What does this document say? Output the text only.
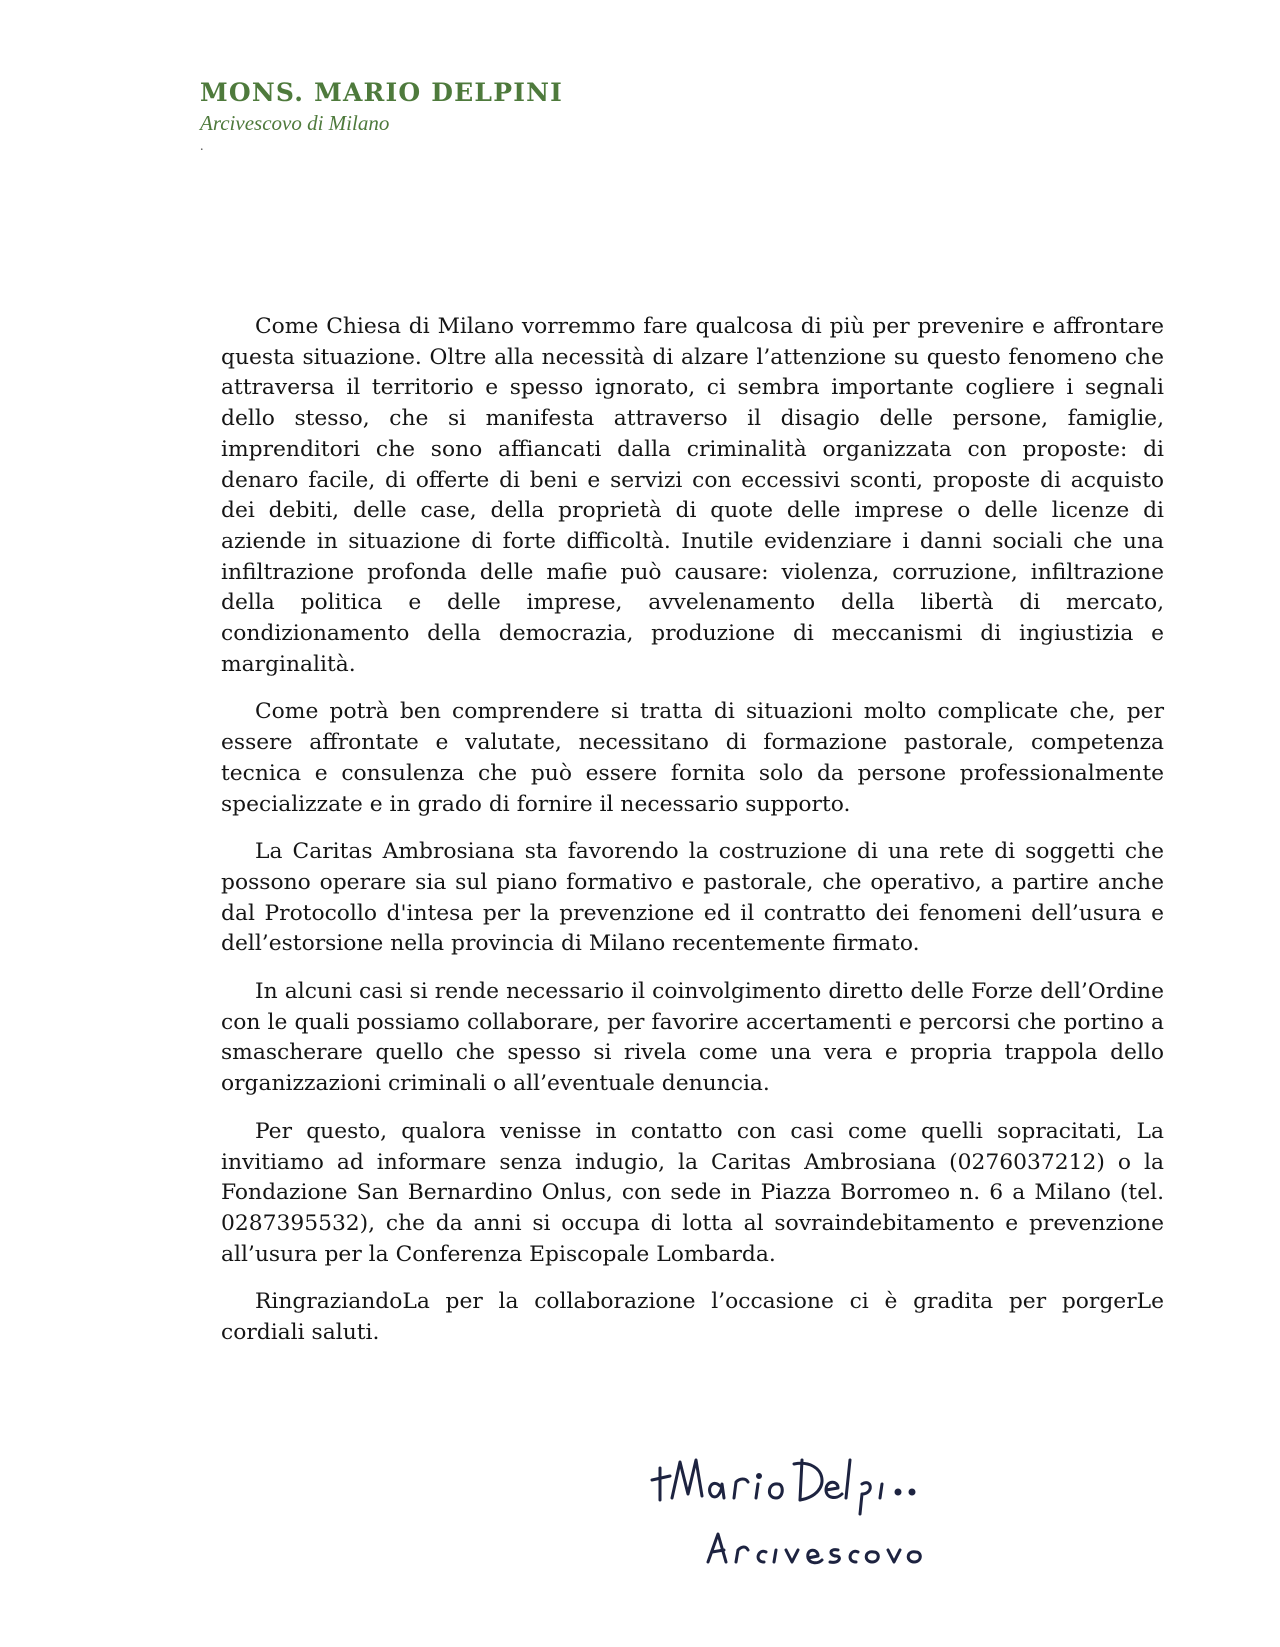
MONS. MARIO DELPINI
Arcivescovo di Milano
.

Come Chiesa di Milano vorremmo fare qualcosa di più per prevenire e affrontare questa situazione. Oltre alla necessità di alzare l’attenzione su questo fenomeno che attraversa il territorio e spesso ignorato, ci sembra importante cogliere i segnali dello stesso, che si manifesta attraverso il disagio delle persone, famiglie, imprenditori che sono affiancati dalla criminalità organizzata con proposte: di denaro facile, di offerte di beni e servizi con eccessivi sconti, proposte di acquisto dei debiti, delle case, della proprietà di quote delle imprese o delle licenze di aziende in situazione di forte difficoltà. Inutile evidenziare i danni sociali che una infiltrazione profonda delle mafie può causare: violenza, corruzione, infiltrazione della politica e delle imprese, avvelenamento della libertà di mercato, condizionamento della democrazia, produzione di meccanismi di ingiustizia e marginalità.

Come potrà ben comprendere si tratta di situazioni molto complicate che, per essere affrontate e valutate, necessitano di formazione pastorale, competenza tecnica e consulenza che può essere fornita solo da persone professionalmente specializzate e in grado di fornire il necessario supporto.

La Caritas Ambrosiana sta favorendo la costruzione di una rete di soggetti che possono operare sia sul piano formativo e pastorale, che operativo, a partire anche dal Protocollo d'intesa per la prevenzione ed il contratto dei fenomeni dell’usura e dell’estorsione nella provincia di Milano recentemente firmato.

In alcuni casi si rende necessario il coinvolgimento diretto delle Forze dell’Ordine con le quali possiamo collaborare, per favorire accertamenti e percorsi che portino a smascherare quello che spesso si rivela come una vera e propria trappola dello organizzazioni criminali o all’eventuale denuncia.

Per questo, qualora venisse in contatto con casi come quelli sopracitati, La invitiamo ad informare senza indugio, la Caritas Ambrosiana (0276037212) o la Fondazione San Bernardino Onlus, con sede in Piazza Borromeo n. 6 a Milano (tel. 0287395532), che da anni si occupa di lotta al sovraindebitamento e prevenzione all’usura per la Conferenza Episcopale Lombarda.

RingraziandoLa per la collaborazione l’occasione ci è gradita per porgerLe cordiali saluti.
